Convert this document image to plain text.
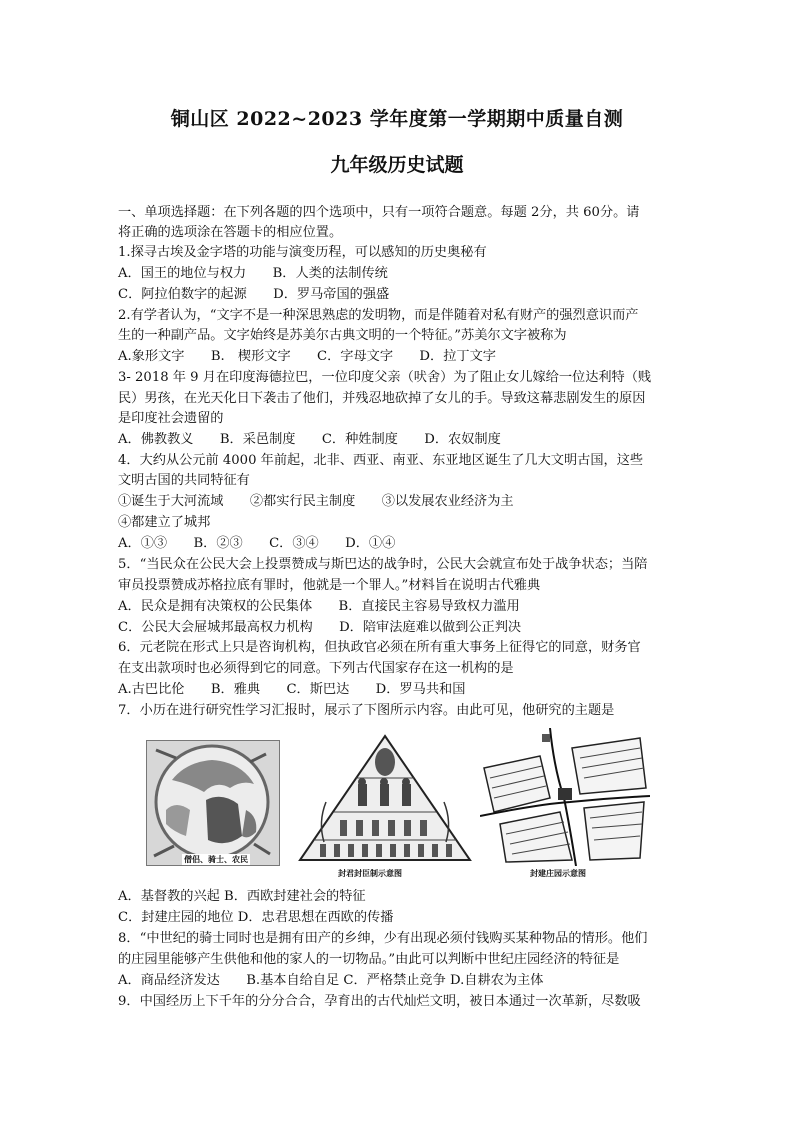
铜山区 2022~2023 学年度第一学期期中质量自测
九年级历史试题
一、单项选择题：在下列各题的四个选项中，只有一项符合题意。每题 2分，共 60分。请
将正确的选项涂在答题卡的相应位置。
1.探寻古埃及金字塔的功能与演变历程，可以感知的历史奥秘有
A．国王的地位与权力　　B．人类的法制传统
C．阿拉伯数字的起源　　D．罗马帝国的强盛
2.有学者认为，“文字不是一种深思熟虑的发明物，而是伴随着对私有财产的强烈意识而产
生的一种副产品。文字始终是苏美尔古典文明的一个特征。”苏美尔文字被称为
A.象形文字　　B.　楔形文字　　C．字母文字　　D．拉丁文字
3- 2018 年 9 月在印度海德拉巴，一位印度父亲（吠舍）为了阻止女儿嫁给一位达利特（贱
民）男孩，在光天化日下袭击了他们，并残忍地砍掉了女儿的手。导致这幕悲剧发生的原因
是印度社会遗留的
A．佛教教义　　B．采邑制度　　C．种姓制度　　D．农奴制度
4．大约从公元前 4000 年前起，北非、西亚、南亚、东亚地区诞生了几大文明古国，这些
文明古国的共同特征有
①诞生于大河流域　　②都实行民主制度　　③以发展农业经济为主
④都建立了城邦
A．①③　　B．②③　　C．③④　　D．①④
5．“当民众在公民大会上投票赞成与斯巴达的战争时，公民大会就宣布处于战争状态；当陪
审员投票赞成苏格拉底有罪时，他就是一个罪人。”材料旨在说明古代雅典
A．民众是拥有决策权的公民集体　　B．直接民主容易导致权力滥用
C．公民大会屉城邦最高权力机构　　D．陪审法庭难以做到公正判决
6．元老院在形式上只是咨询机构，但执政官必须在所有重大事务上征得它的同意，财务官
在支出款项时也必须得到它的同意。下列古代国家存在这一机构的是
A.古巴比伦　　B．雅典　　C．斯巴达　　D．罗马共和国
7．小历在进行研究性学习汇报时，展示了下图所示内容。由此可见，他研究的主题是
A．基督教的兴起 B．西欧封建社会的特征
C．封建庄园的地位 D．忠君思想在西欧的传播
8．“中世纪的骑士同时也是拥有田产的乡绅，少有出现必须付钱购买某种物品的情形。他们
的庄园里能够产生供他和他的家人的一切物品。”由此可以判断中世纪庄园经济的特征是
A．商品经济发达　　B.基本自给自足 C．严格禁止竞争 D.自耕农为主体
9．中国经历上下千年的分分合合，孕育出的古代灿烂文明，被日本通过一次革新，尽数吸
僧侣、骑士、农民
封君封臣制示意图	封建庄园示意图
